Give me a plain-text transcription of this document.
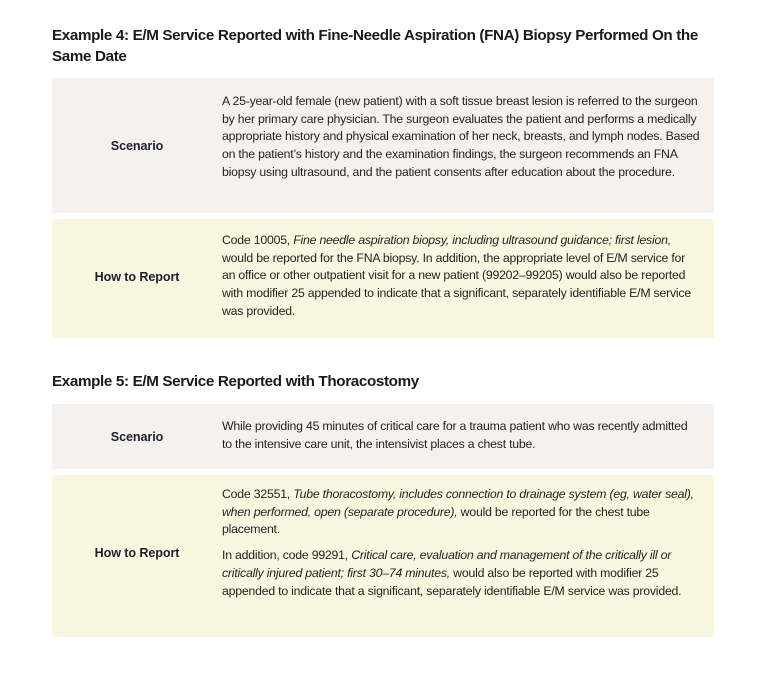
Example 4: E/M Service Reported with Fine-Needle Aspiration (FNA) Biopsy Performed On the Same Date
Scenario

A 25-year-old female (new patient) with a soft tissue breast lesion is referred to the surgeon by her primary care physician. The surgeon evaluates the patient and performs a medically appropriate history and physical examination of her neck, breasts, and lymph nodes. Based on the patient’s history and the examination findings, the surgeon recommends an FNA biopsy using ultrasound, and the patient consents after education about the procedure.

How to Report

Code 10005, Fine needle aspiration biopsy, including ultrasound guidance; first lesion, would be reported for the FNA biopsy. In addition, the appropriate level of E/M service for an office or other outpatient visit for a new patient (99202–99205) would also be reported with modifier 25 appended to indicate that a significant, separately identifiable E/M service was provided.

Example 5: E/M Service Reported with Thoracostomy
Scenario

While providing 45 minutes of critical care for a trauma patient who was recently admitted to the intensive care unit, the intensivist places a chest tube.

How to Report

Code 32551, Tube thoracostomy, includes connection to drainage system (eg, water seal), when performed, open (separate procedure), would be reported for the chest tube placement.

In addition, code 99291, Critical care, evaluation and management of the critically ill or critically injured patient; first 30–74 minutes, would also be reported with modifier 25 appended to indicate that a significant, separately identifiable E/M service was provided.
